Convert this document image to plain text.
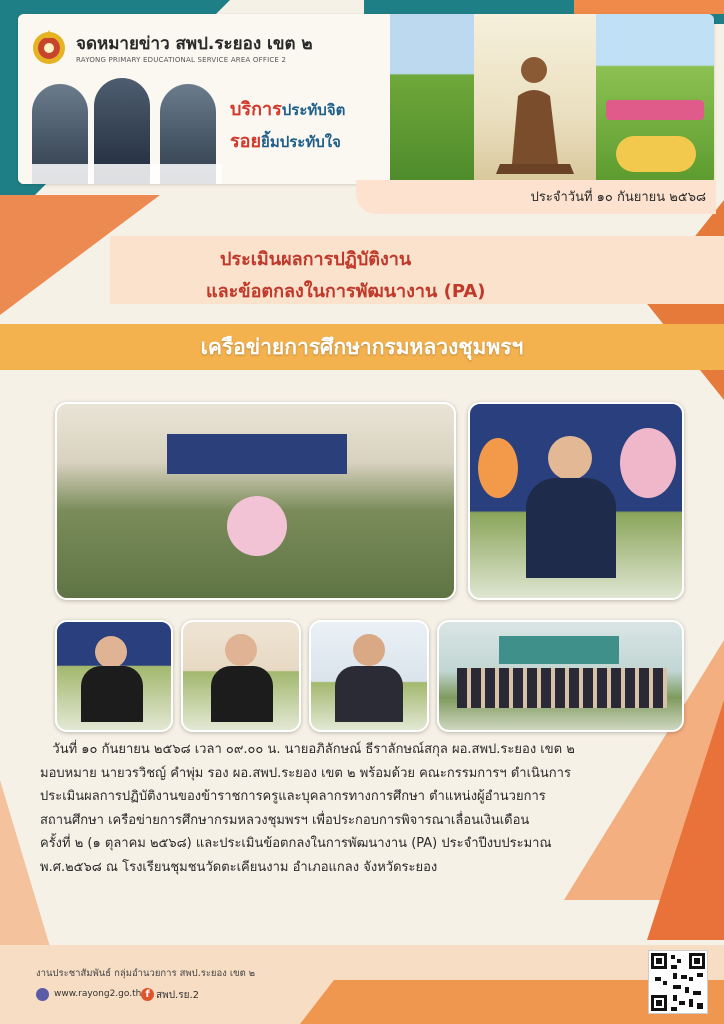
จดหมายข่าว สพป.ระยอง เขต ๒
RAYONG PRIMARY EDUCATIONAL SERVICE AREA OFFICE 2
บริการประทับจิต
รอยยิ้มประทับใจ
ประจำวันที่ ๑๐ กันยายน ๒๕๖๘
ประเมินผลการปฏิบัติงาน
และข้อตกลงในการพัฒนางาน (PA)
เครือข่ายการศึกษากรมหลวงชุมพรฯ

วันที่ ๑๐ กันยายน ๒๕๖๘ เวลา ๐๙.๐๐ น. นายอภิลักษณ์ ธีราลักษณ์สกุล ผอ.สพป.ระยอง เขต ๒

มอบหมาย นายวรวิชญ์ คำพุ่ม รอง ผอ.สพป.ระยอง เขต ๒ พร้อมด้วย คณะกรรมการฯ ดำเนินการ

ประเมินผลการปฏิบัติงานของข้าราชการครูและบุคลากรทางการศึกษา ตำแหน่งผู้อำนวยการ

สถานศึกษา เครือข่ายการศึกษากรมหลวงชุมพรฯ เพื่อประกอบการพิจารณาเลื่อนเงินเดือน

ครั้งที่ ๒ (๑ ตุลาคม ๒๕๖๘) และประเมินข้อตกลงในการพัฒนางาน (PA) ประจำปีงบประมาณ

พ.ศ.๒๕๖๘ ณ โรงเรียนชุมชนวัดตะเคียนงาม อำเภอแกลง จังหวัดระยอง

งานประชาสัมพันธ์ กลุ่มอำนวยการ สพป.ระยอง เขต ๒
www.rayong2.go.th f สพป.รย.2
